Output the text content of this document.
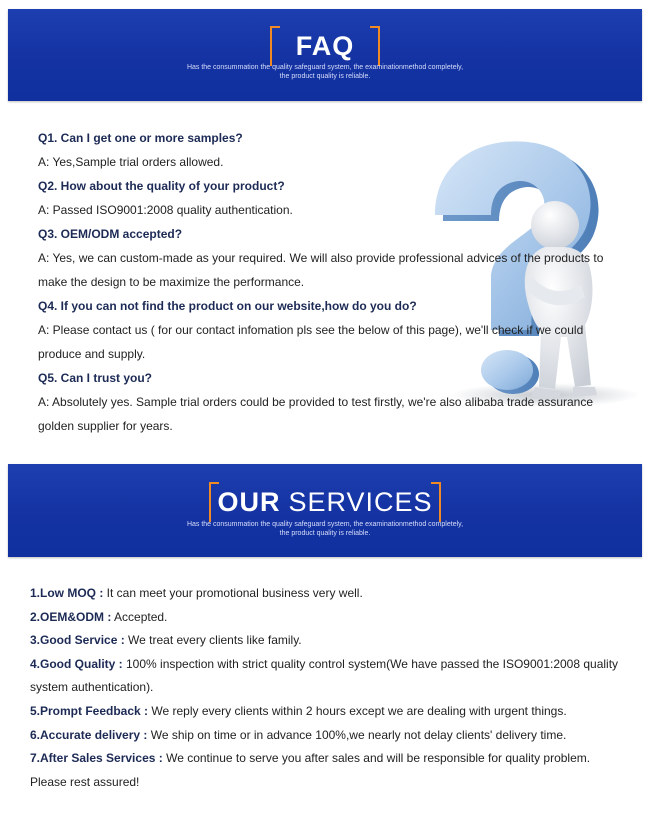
FAQ
Has the consummation the quality safeguard system, the examinationmethod completely,
the product quality is reliable.
Q1. Can I get one or more samples?
A: Yes,Sample trial orders allowed.
Q2. How about the quality of your product?
A: Passed ISO9001:2008 quality authentication.
Q3. OEM/ODM accepted?
A: Yes, we can custom-made as your required. We will also provide professional advices of the products to
make the design to be maximize the performance.
Q4. If you can not find the product on our website,how do you do?
A: Please contact us ( for our contact infomation pls see the below of this page), we'll check if we could
produce and supply.
Q5. Can I trust you?
A: Absolutely yes. Sample trial orders could be provided to test firstly, we're also alibaba trade assurance
golden supplier for years.
OUR SERVICES
Has the consummation the quality safeguard system, the examinationmethod completely,
the product quality is reliable.
1.Low MOQ : It can meet your promotional business very well.
2.OEM&ODM : Accepted.
3.Good Service : We treat every clients like family.
4.Good Quality : 100% inspection with strict quality control system(We have passed the ISO9001:2008 quality
system authentication).
5.Prompt Feedback : We reply every clients within 2 hours except we are dealing with urgent things.
6.Accurate delivery : We ship on time or in advance 100%,we nearly not delay clients' delivery time.
7.After Sales Services : We continue to serve you after sales and will be responsible for quality problem.
Please rest assured!
